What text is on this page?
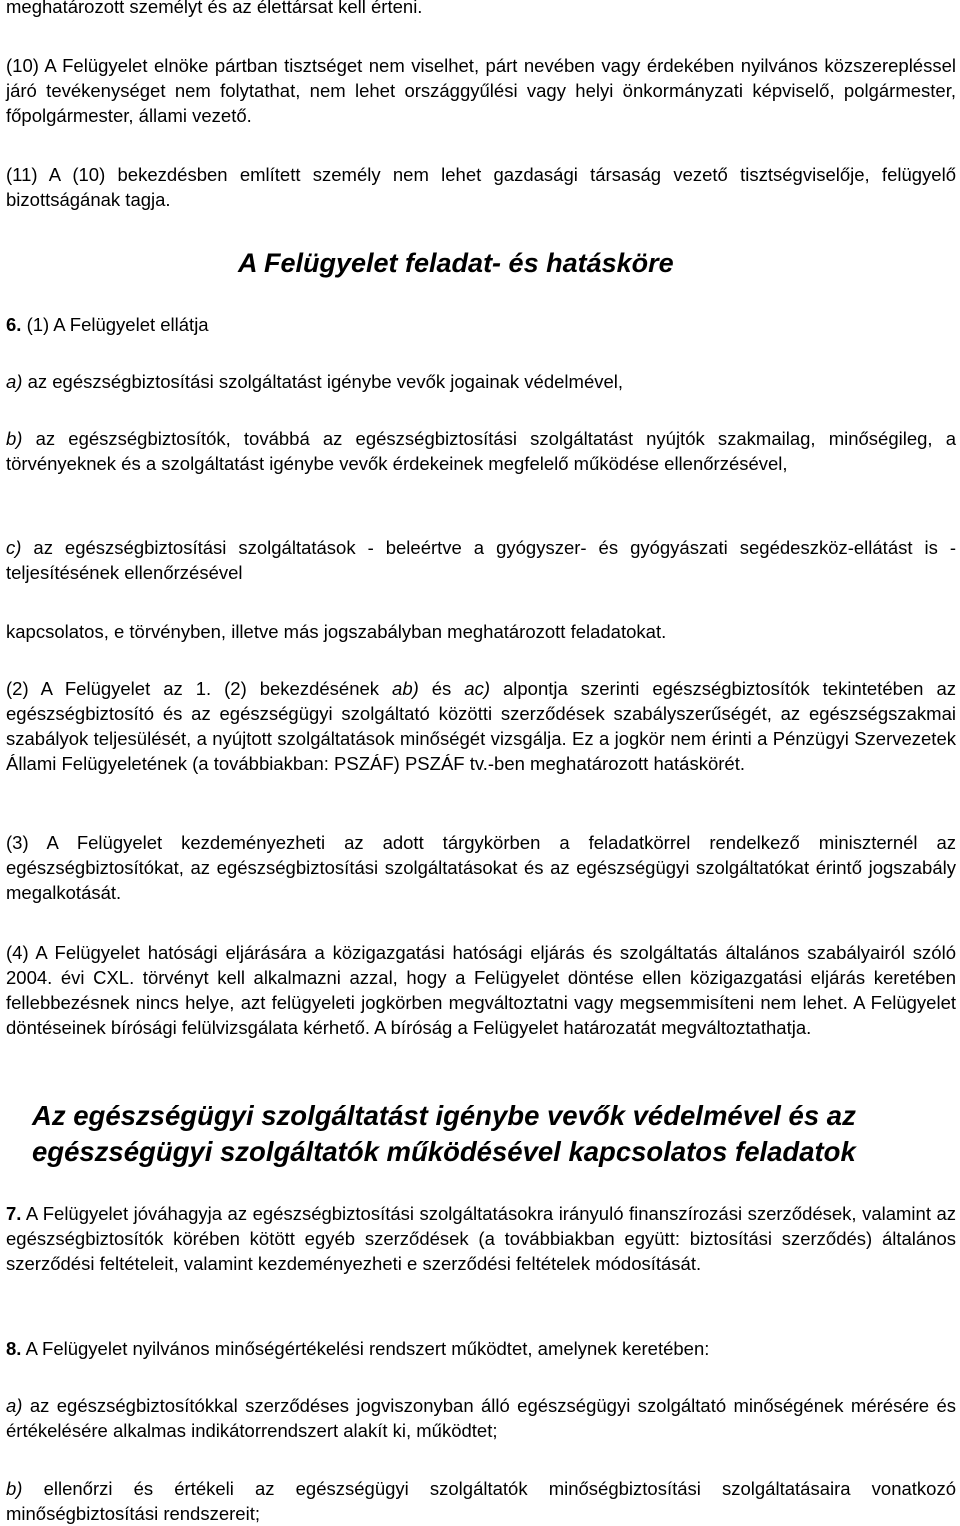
meghatározott személyt és az élettársat kell érteni.

(10) A Felügyelet elnöke pártban tisztséget nem viselhet, párt nevében vagy érdekében nyilvános közszerepléssel járó tevékenységet nem folytathat, nem lehet országgyűlési vagy helyi önkormányzati képviselő, polgármester, főpolgármester, állami vezető.

(11) A (10) bekezdésben említett személy nem lehet gazdasági társaság vezető tisztségviselője, felügyelő bizottságának tagja.

A Felügyelet feladat- és hatásköre

6. (1) A Felügyelet ellátja

a) az egészségbiztosítási szolgáltatást igénybe vevők jogainak védelmével,

b) az egészségbiztosítók, továbbá az egészségbiztosítási szolgáltatást nyújtók szakmailag, minőségileg, a törvényeknek és a szolgáltatást igénybe vevők érdekeinek megfelelő működése ellenőrzésével,

c) az egészségbiztosítási szolgáltatások - beleértve a gyógyszer- és gyógyászati segédeszköz-ellátást is - teljesítésének ellenőrzésével

kapcsolatos, e törvényben, illetve más jogszabályban meghatározott feladatokat.

(2) A Felügyelet az 1. (2) bekezdésének ab) és ac) alpontja szerinti egészségbiztosítók tekintetében az egészségbiztosító és az egészségügyi szolgáltató közötti szerződések szabályszerűségét, az egészségszakmai szabályok teljesülését, a nyújtott szolgáltatások minőségét vizsgálja. Ez a jogkör nem érinti a Pénzügyi Szervezetek Állami Felügyeletének (a továbbiakban: PSZÁF) PSZÁF tv.-ben meghatározott hatáskörét.

(3) A Felügyelet kezdeményezheti az adott tárgykörben a feladatkörrel rendelkező miniszternél az egészségbiztosítókat, az egészségbiztosítási szolgáltatásokat és az egészségügyi szolgáltatókat érintő jogszabály megalkotását.

(4) A Felügyelet hatósági eljárására a közigazgatási hatósági eljárás és szolgáltatás általános szabályairól szóló 2004. évi CXL. törvényt kell alkalmazni azzal, hogy a Felügyelet döntése ellen közigazgatási eljárás keretében fellebbezésnek nincs helye, azt felügyeleti jogkörben megváltoztatni vagy megsemmisíteni nem lehet. A Felügyelet döntéseinek bírósági felülvizsgálata kérhető. A bíróság a Felügyelet határozatát megváltoztathatja.

Az egészségügyi szolgáltatást igénybe vevők védelmével és az
egészségügyi szolgáltatók működésével kapcsolatos feladatok

7. A Felügyelet jóváhagyja az egészségbiztosítási szolgáltatásokra irányuló finanszírozási szerződések, valamint az egészségbiztosítók körében kötött egyéb szerződések (a továbbiakban együtt: biztosítási szerződés) általános szerződési feltételeit, valamint kezdeményezheti e szerződési feltételek módosítását.

8. A Felügyelet nyilvános minőségértékelési rendszert működtet, amelynek keretében:

a) az egészségbiztosítókkal szerződéses jogviszonyban álló egészségügyi szolgáltató minőségének mérésére és értékelésére alkalmas indikátorrendszert alakít ki, működtet;

b) ellenőrzi és értékeli az egészségügyi szolgáltatók minőségbiztosítási szolgáltatásaira vonatkozó minőségbiztosítási rendszereit;
